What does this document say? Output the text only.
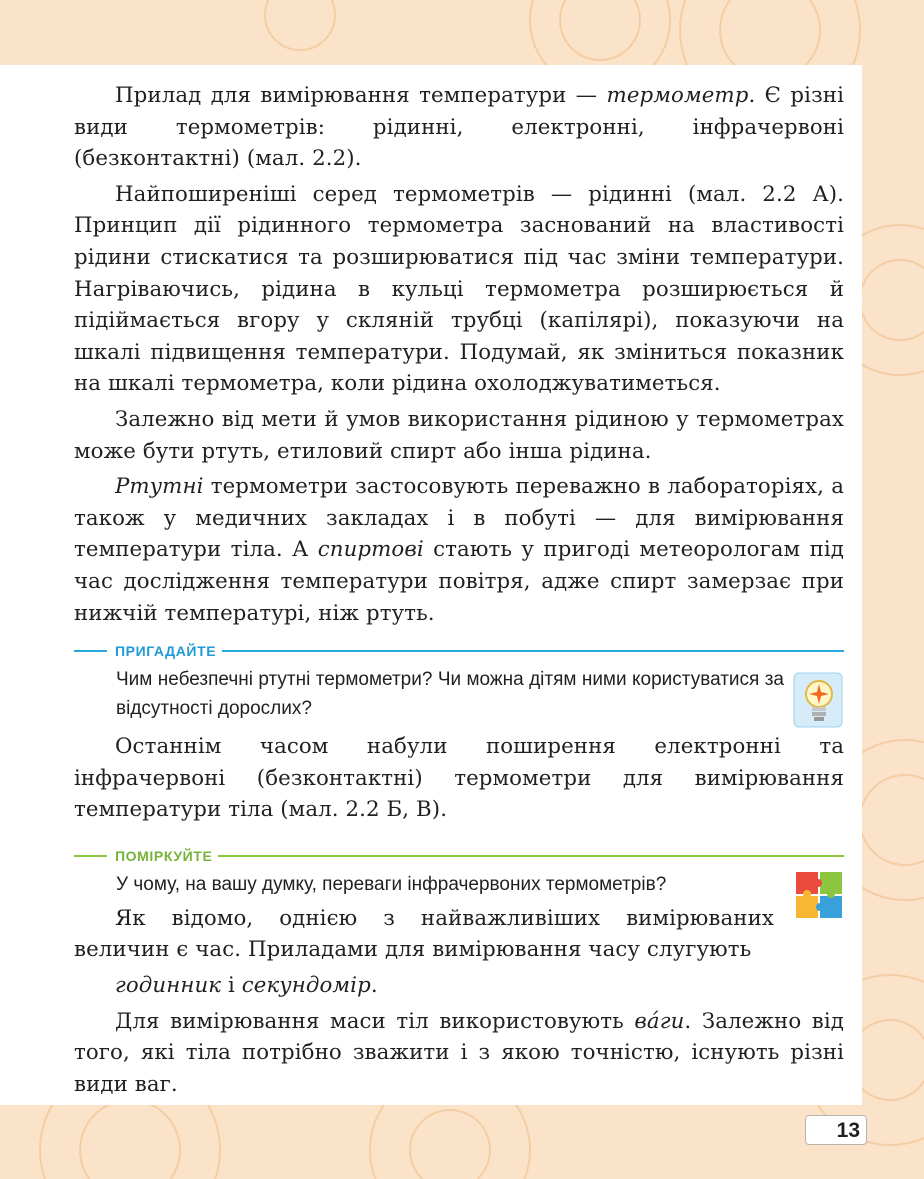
Прилад для вимірювання температури — термометр. Є різні види термометрів: рідинні, електронні, інфрачервоні (безконтактні) (мал. 2.2).

Найпоширеніші серед термометрів — рідинні (мал. 2.2 А). Принцип дії рідинного термометра заснований на властивості рідини стискатися та розширюватися під час зміни температури. Нагріваючись, рідина в кульці термометра розширюється й підіймається вгору у скляній трубці (капілярі), показуючи на шкалі підвищення температури. Подумай, як зміниться показник на шкалі термометра, коли рідина охолоджуватиметься.

Залежно від мети й умов використання рідиною у термометрах може бути ртуть, етиловий спирт або інша рідина.

Ртутні термометри застосовують переважно в лабораторіях, а також у медичних закладах і в побуті — для вимірювання температури тіла. А спиртові стають у пригоді метеорологам під час дослідження температури повітря, адже спирт замерзає при нижчій температурі, ніж ртуть.

ПРИГАДАЙТЕ
Чим небезпечні ртутні термометри? Чи можна дітям ними користуватися за відсутності дорослих?

Останнім часом набули поширення електронні та інфрачервоні (безконтактні) термометри для вимірювання температури тіла (мал. 2.2 Б, В).

ПОМІРКУЙТЕ
У чому, на вашу думку, переваги інфрачервоних термометрів?

Як відомо, однією з найважливіших вимірюваних величин є час. Приладами для вимірювання часу слугують

годинник і секундомір.

Для вимірювання маси тіл використовують вáги. Залежно від того, які тіла потрібно зважити і з якою точністю, існують різні види ваг.

13
